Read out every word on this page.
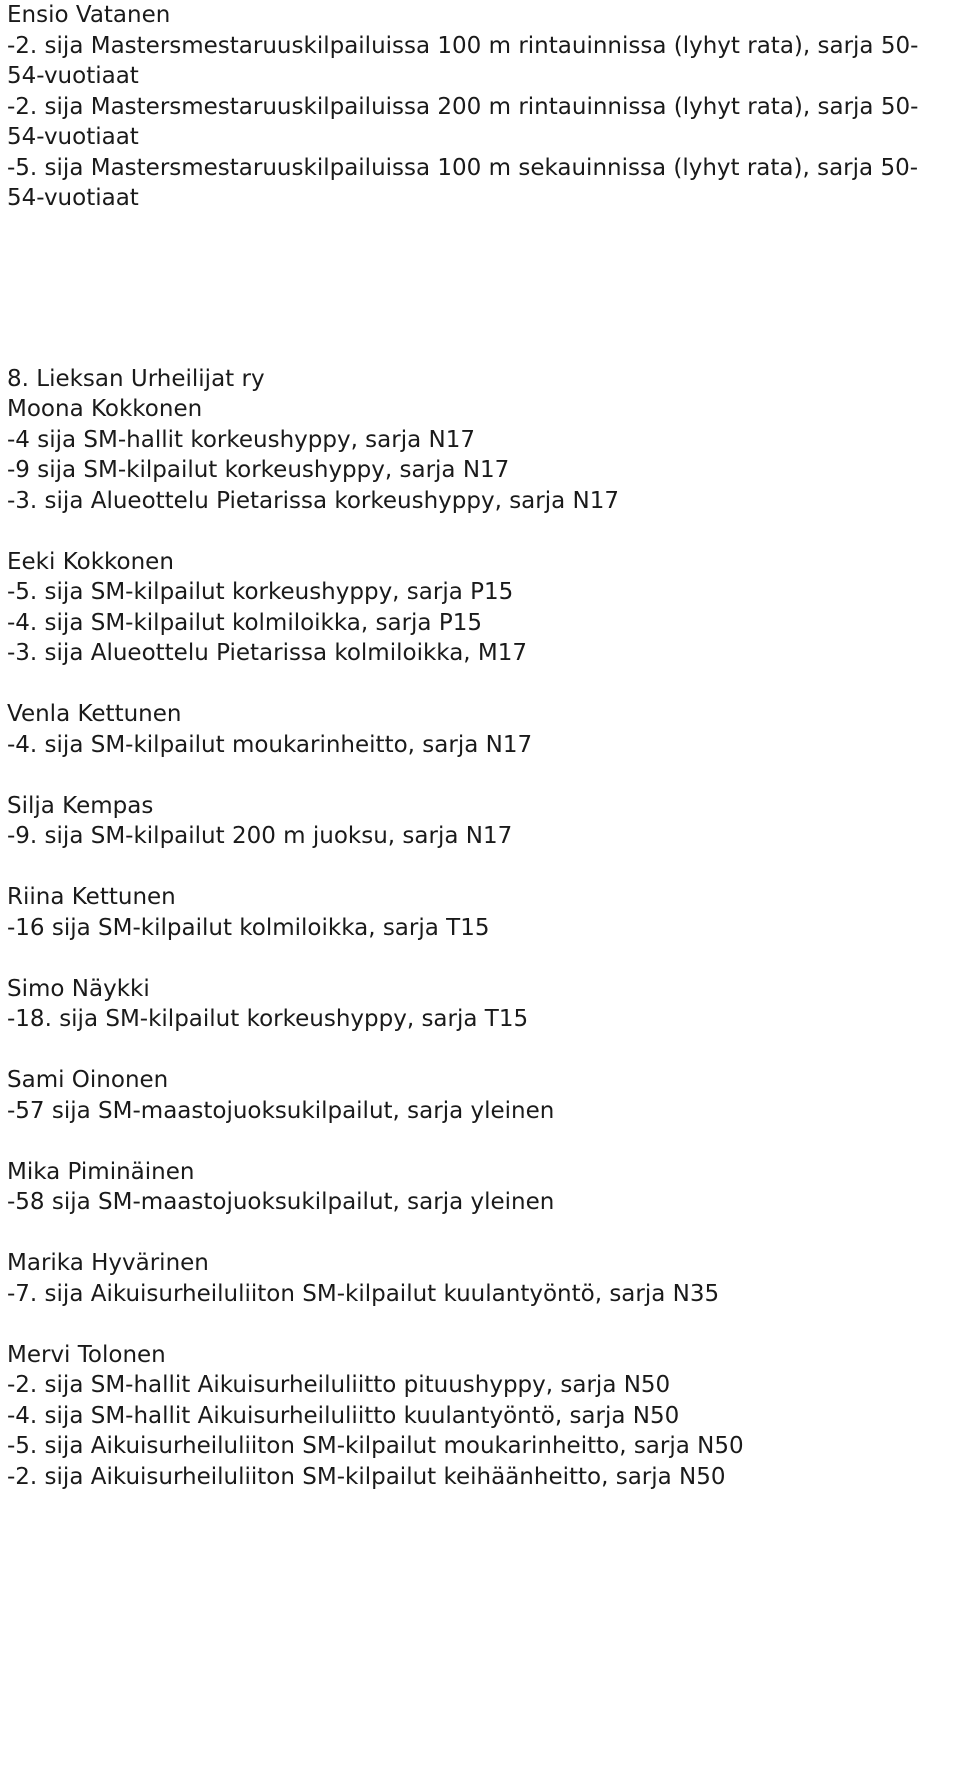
Ensio Vatanen
-2. sija Mastersmestaruuskilpailuissa 100 m rintauinnissa (lyhyt rata), sarja 50-54-vuotiaat
-2. sija Mastersmestaruuskilpailuissa 200 m rintauinnissa (lyhyt rata), sarja 50-54-vuotiaat
-5. sija Mastersmestaruuskilpailuissa 100 m sekauinnissa (lyhyt rata), sarja 50-54-vuotiaat
8. Lieksan Urheilijat ry
Moona Kokkonen
-4 sija SM-hallit korkeushyppy, sarja N17
-9 sija SM-kilpailut korkeushyppy, sarja N17
-3. sija Alueottelu Pietarissa korkeushyppy, sarja N17
Eeki Kokkonen
-5. sija SM-kilpailut korkeushyppy, sarja P15
-4. sija SM-kilpailut kolmiloikka, sarja P15
-3. sija Alueottelu Pietarissa kolmiloikka, M17
Venla Kettunen
-4. sija SM-kilpailut moukarinheitto, sarja N17
Silja Kempas
-9. sija SM-kilpailut 200 m juoksu, sarja N17
Riina Kettunen
-16 sija SM-kilpailut kolmiloikka, sarja T15
Simo Näykki
-18. sija SM-kilpailut korkeushyppy, sarja T15
Sami Oinonen
-57 sija SM-maastojuoksukilpailut, sarja yleinen
Mika Piminäinen
-58 sija SM-maastojuoksukilpailut, sarja yleinen
Marika Hyvärinen
-7. sija Aikuisurheiluliiton SM-kilpailut kuulantyöntö, sarja N35
Mervi Tolonen
-2. sija SM-hallit Aikuisurheiluliitto pituushyppy, sarja N50
-4. sija SM-hallit Aikuisurheiluliitto kuulantyöntö, sarja N50
-5. sija Aikuisurheiluliiton SM-kilpailut moukarinheitto, sarja N50
-2. sija Aikuisurheiluliiton SM-kilpailut keihäänheitto, sarja N50
